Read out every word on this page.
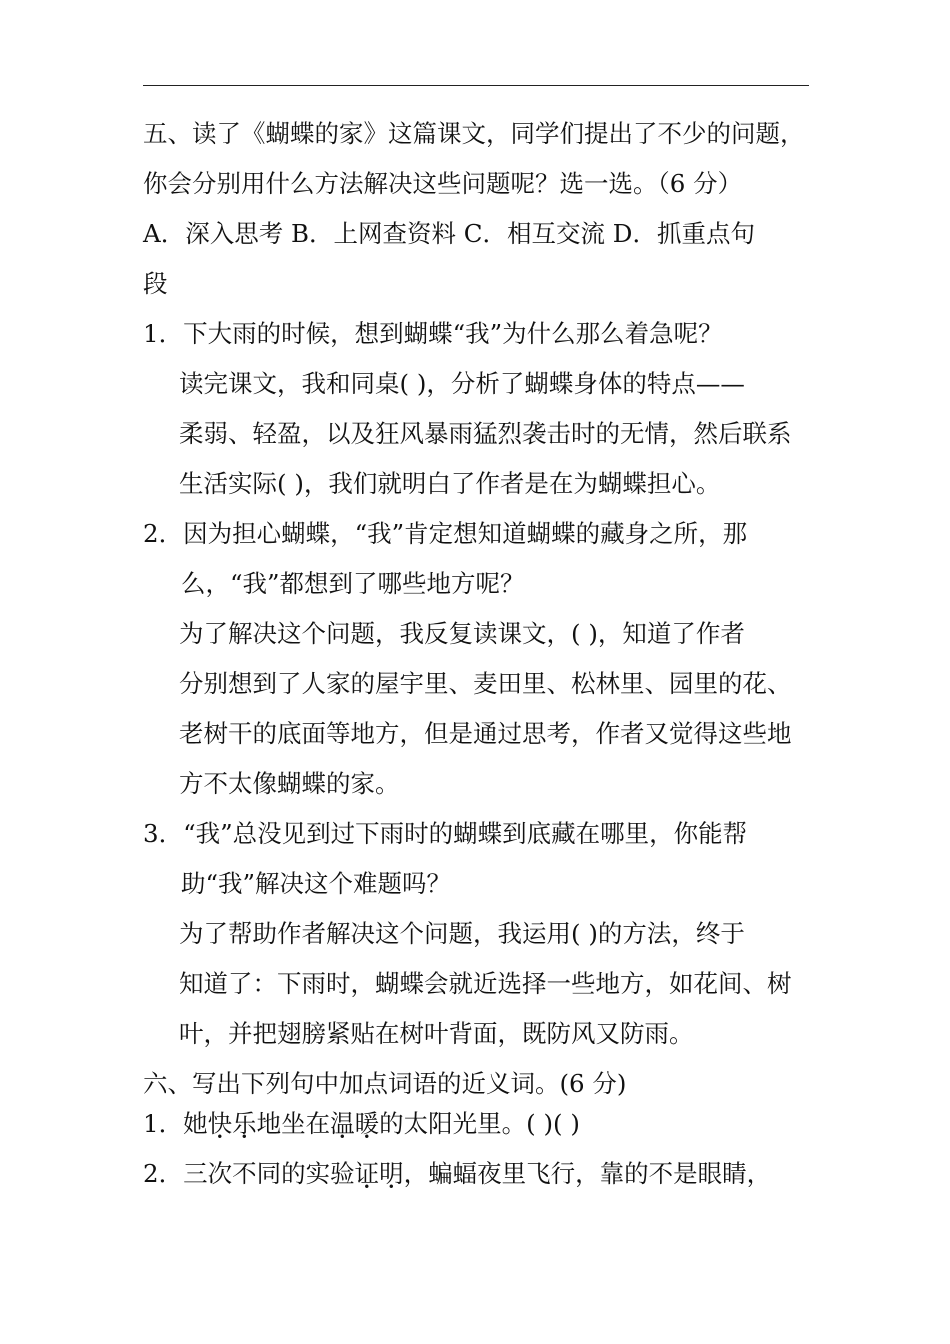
五、读了《蝴蝶的家》这篇课文，同学们提出了不少的问题，
你会分别用什么方法解决这些问题呢？选一选。（6 分）
A．深入思考 B．上网查资料 C．相互交流 D．抓重点句
段
1．下大雨的时候，想到蝴蝶“我”为什么那么着急呢？
读完课文，我和同桌( )，分析了蝴蝶身体的特点——
柔弱、轻盈，以及狂风暴雨猛烈袭击时的无情，然后联系
生活实际( )，我们就明白了作者是在为蝴蝶担心。
2．因为担心蝴蝶，“我”肯定想知道蝴蝶的藏身之所，那
么，“我”都想到了哪些地方呢？
为了解决这个问题，我反复读课文，( )，知道了作者
分别想到了人家的屋宇里、麦田里、松林里、园里的花、
老树干的底面等地方，但是通过思考，作者又觉得这些地
方不太像蝴蝶的家。
3．“我”总没见到过下雨时的蝴蝶到底藏在哪里，你能帮
助“我”解决这个难题吗？
为了帮助作者解决这个问题，我运用( )的方法，终于
知道了：下雨时，蝴蝶会就近选择一些地方，如花间、树
叶，并把翅膀紧贴在树叶背面，既防风又防雨。
六、写出下列句中加点词语的近义词。(6 分)
1．她快乐地坐在温暖的太阳光里。( )( )
2．三次不同的实验证明，蝙蝠夜里飞行，靠的不是眼睛，
